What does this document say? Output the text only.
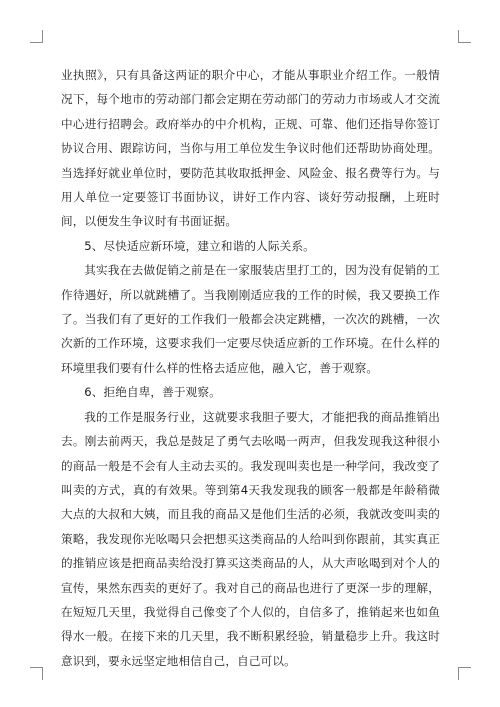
业执照》，只有具备这两证的职介中心，才能从事职业介绍工作。一般情况下，每个地市的劳动部门都会定期在劳动部门的劳动力市场或人才交流中心进行招聘会。政府举办的中介机构，正规、可靠、他们还指导你签订协议合用、跟踪访问，当你与用工单位发生争议时他们还帮助协商处理。当选择好就业单位时，要防范其收取抵押金、风险金、报名费等行为。与用人单位一定要签订书面协议，讲好工作内容、谈好劳动报酬，上班时间，以便发生争议时有书面证据。

5、尽快适应新环境，建立和谐的人际关系。

其实我在去做促销之前是在一家服装店里打工的，因为没有促销的工作待遇好，所以就跳槽了。当我刚刚适应我的工作的时候，我又要换工作了。当我们有了更好的工作我们一般都会决定跳槽，一次次的跳槽，一次次新的工作环境，这要求我们一定要尽快适应新的工作环境。在什么样的环境里我们要有什么样的性格去适应他，融入它，善于观察。

6、拒绝自卑，善于观察。

我的工作是服务行业，这就要求我胆子要大，才能把我的商品推销出去。刚去前两天，我总是鼓足了勇气去吆喝一两声，但我发现我这种很小的商品一般是不会有人主动去买的。我发现叫卖也是一种学问，我改变了叫卖的方式，真的有效果。等到第4天我发现我的顾客一般都是年龄稍微大点的大叔和大姨，而且我的商品又是他们生活的必须，我就改变叫卖的策略，我发现你光吆喝只会把想买这类商品的人给叫到你跟前，其实真正的推销应该是把商品卖给没打算买这类商品的人，从大声吆喝到对个人的宣传，果然东西卖的更好了。我对自己的商品也进行了更深一步的理解，在短短几天里，我觉得自己像变了个人似的，自信多了，推销起来也如鱼得水一般。在接下来的几天里，我不断积累经验，销量稳步上升。我这时意识到，要永远坚定地相信自己，自己可以。
